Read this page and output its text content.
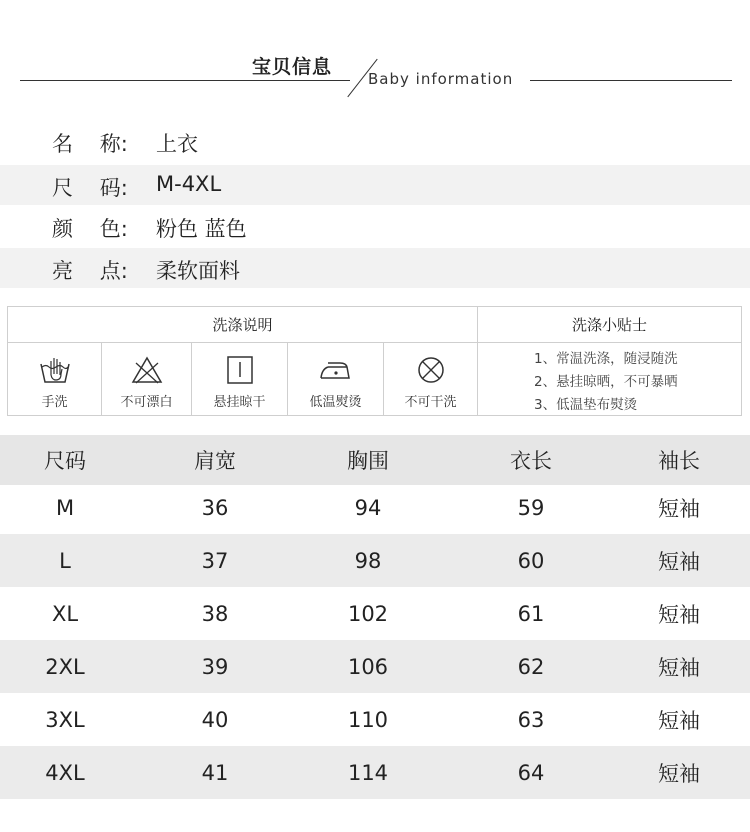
宝贝信息
Baby information
名    称: 上衣
尺    码: M-4XL
颜    色: 粉色 蓝色
亮    点: 柔软面料
洗涤说明	洗涤小贴士
手洗	不可漂白	悬挂晾干	低温熨烫	不可干洗
1、常温洗涤，随浸随洗
2、悬挂晾晒，不可暴晒
3、低温垫布熨烫
尺码	肩宽	胸围	衣长	袖长
M	36	94	59	短袖
L	37	98	60	短袖
XL	38	102	61	短袖
2XL	39	106	62	短袖
3XL	40	110	63	短袖
4XL	41	114	64	短袖
